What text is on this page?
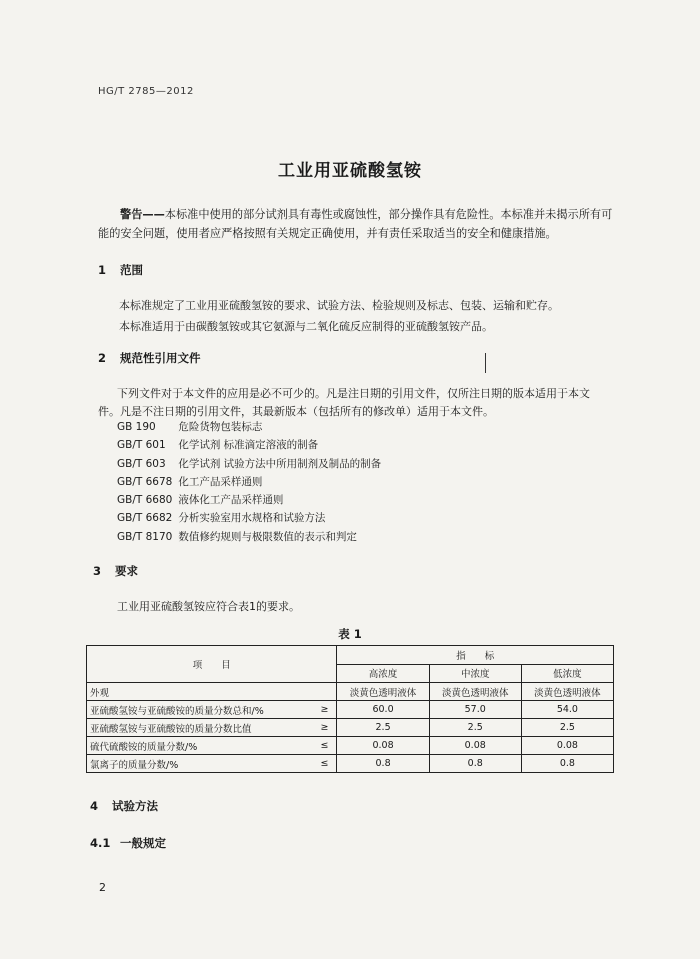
HG/T 2785—2012
工业用亚硫酸氢铵
警告——本标准中使用的部分试剂具有毒性或腐蚀性，部分操作具有危险性。本标准并未揭示所有可能的安全问题，使用者应严格按照有关规定正确使用，并有责任采取适当的安全和健康措施。
1 范围
本标准规定了工业用亚硫酸氢铵的要求、试验方法、检验规则及标志、包装、运输和贮存。
本标准适用于由碳酸氢铵或其它氨源与二氧化硫反应制得的亚硫酸氢铵产品。
2 规范性引用文件
下列文件对于本文件的应用是必不可少的。凡是注日期的引用文件，仅所注日期的版本适用于本文
件。凡是不注日期的引用文件，其最新版本（包括所有的修改单）适用于本文件。
GB 190 危险货物包装标志
GB/T 601 化学试剂 标准滴定溶液的制备
GB/T 603 化学试剂 试验方法中所用制剂及制品的制备
GB/T 6678 化工产品采样通则
GB/T 6680 液体化工产品采样通则
GB/T 6682 分析实验室用水规格和试验方法
GB/T 8170 数值修约规则与极限数值的表示和判定
3 要求
工业用亚硫酸氢铵应符合表1的要求。
表 1
项　　目		指　　标		
		高浓度	中浓度	低浓度
外观		淡黄色透明液体	淡黄色透明液体	淡黄色透明液体
亚硫酸氢铵与亚硫酸铵的质量分数总和/%	≥	60.0	57.0	54.0
亚硫酸氢铵与亚硫酸铵的质量分数比值	≥	2.5	2.5	2.5
硫代硫酸铵的质量分数/%	≤	0.08	0.08	0.08
氯离子的质量分数/%	≤	0.8	0.8	0.8
4 试验方法
4.1 一般规定
2
